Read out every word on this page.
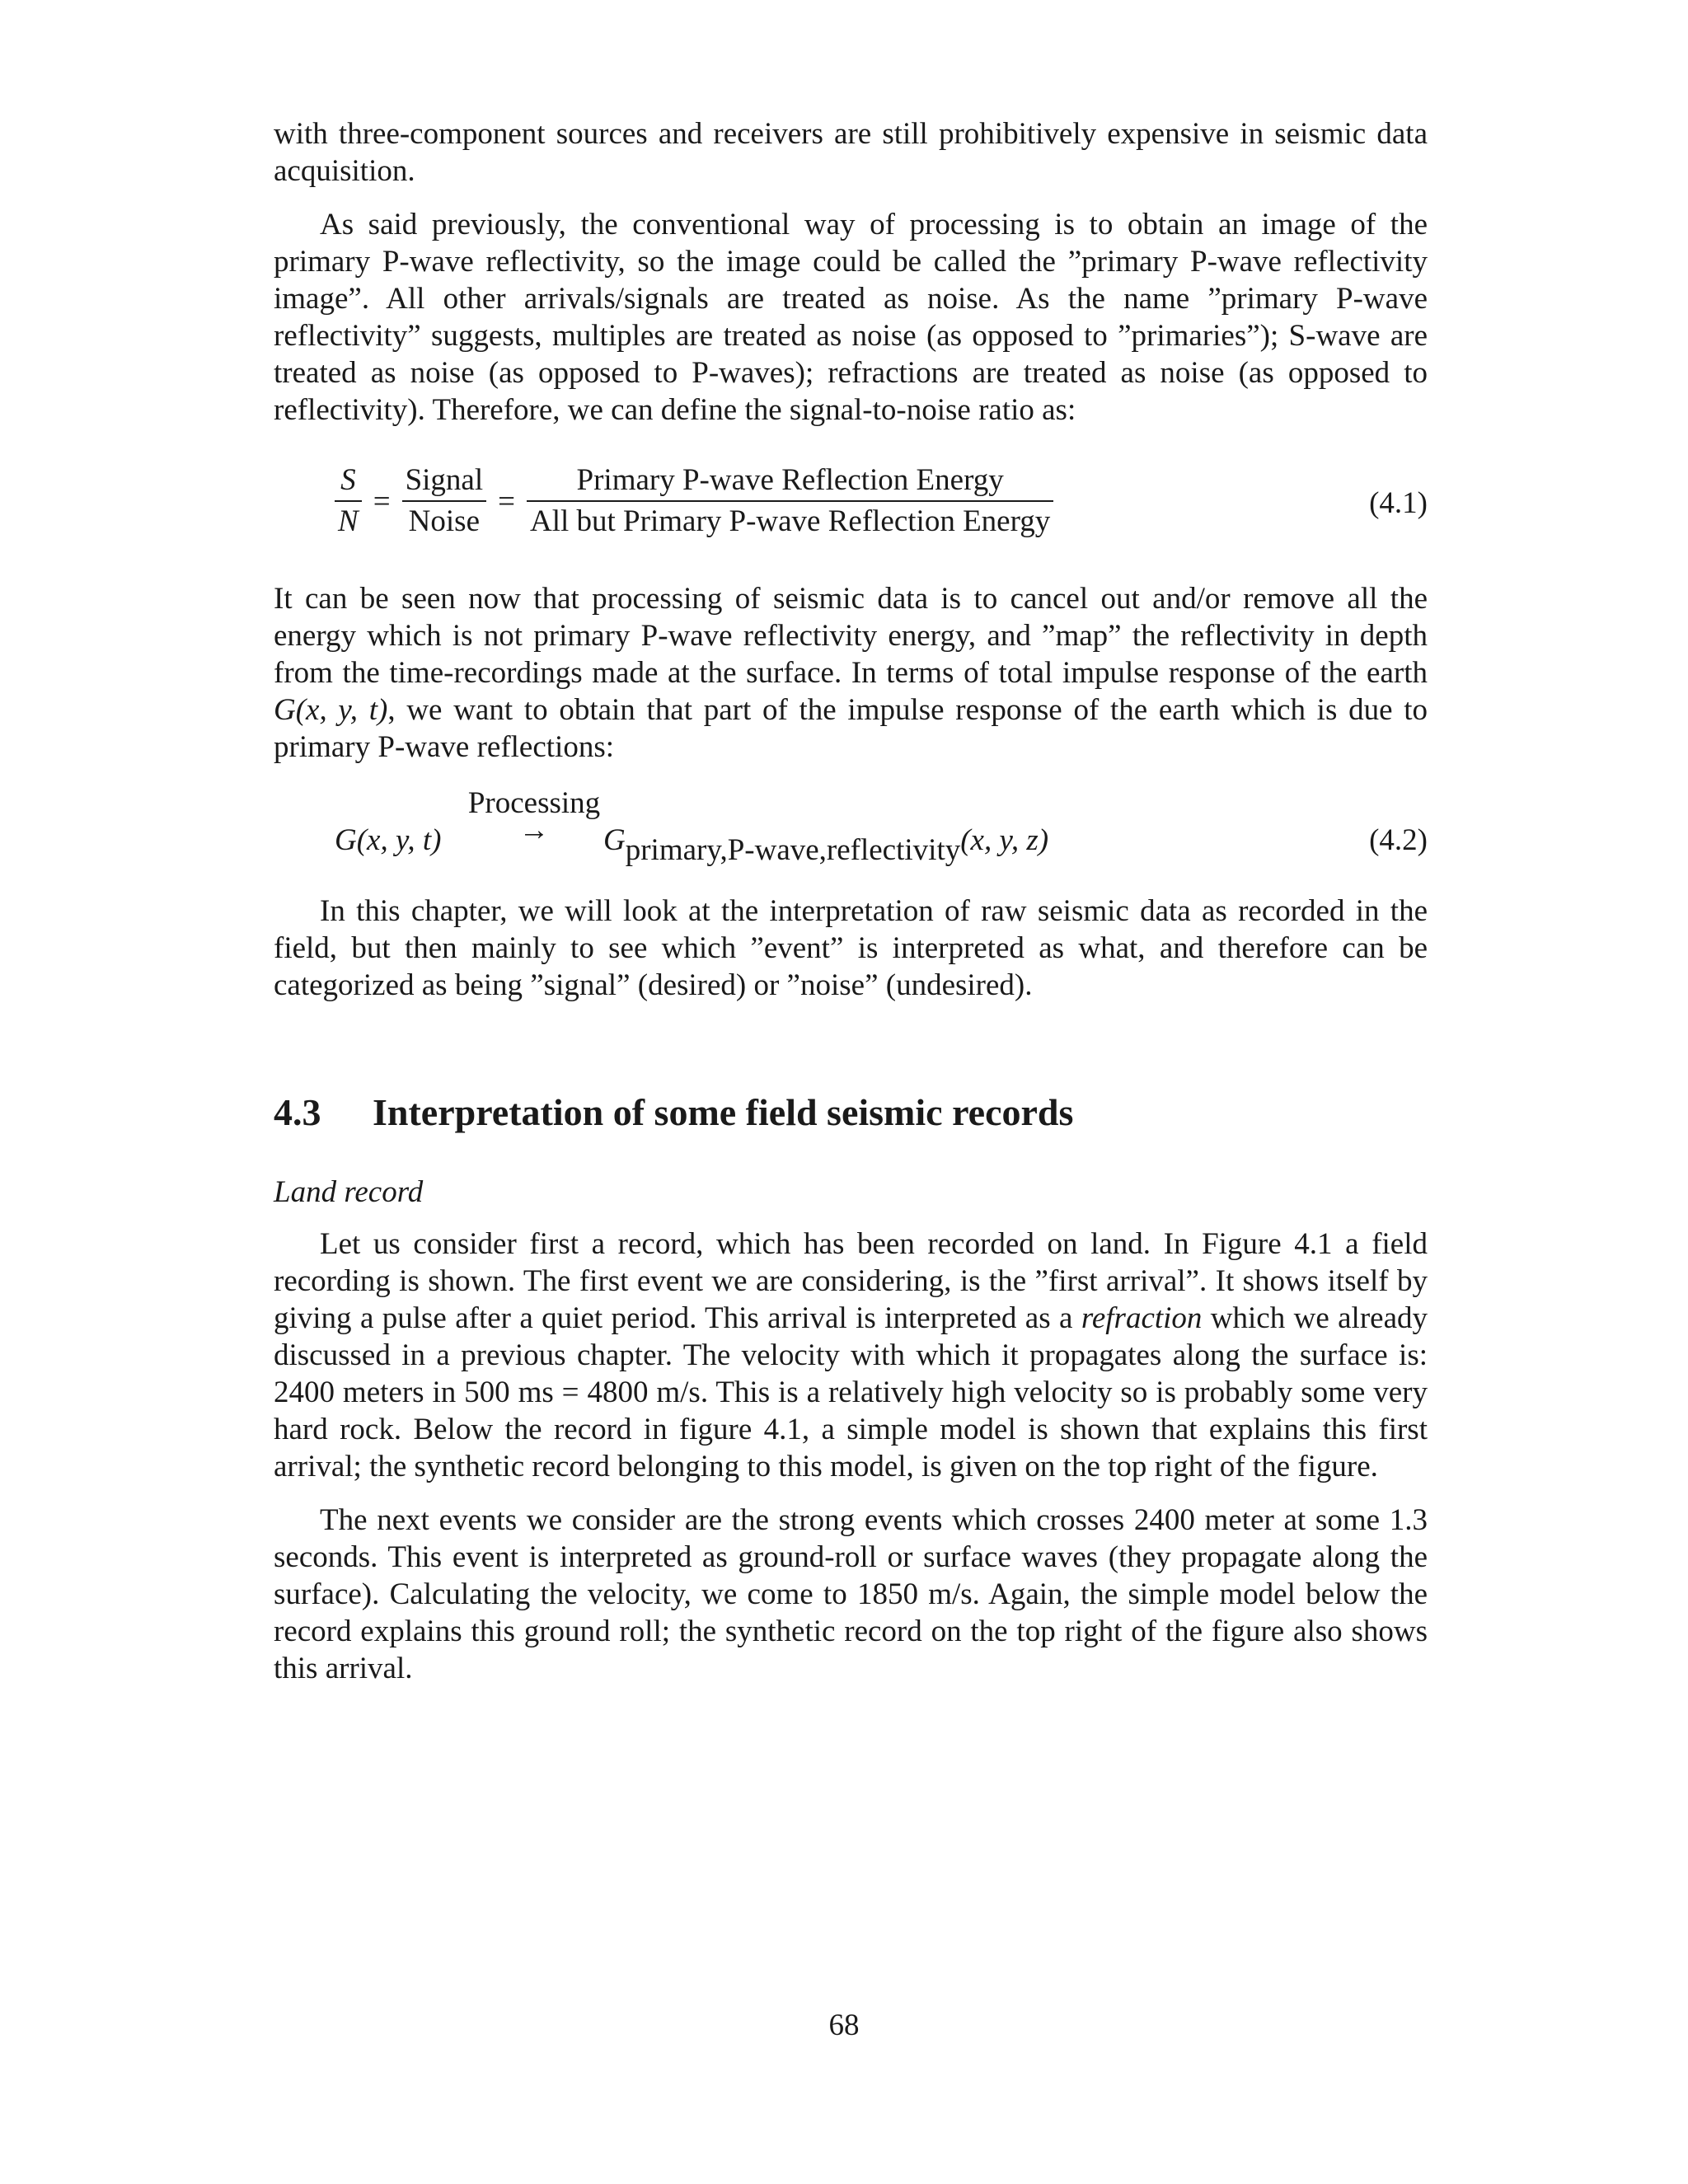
with three-component sources and receivers are still prohibitively expensive in seismic data acquisition.

As said previously, the conventional way of processing is to obtain an image of the primary P-wave reflectivity, so the image could be called the ”primary P-wave reflectivity image”. All other arrivals/signals are treated as noise. As the name ”primary P-wave reflectivity” suggests, multiples are treated as noise (as opposed to ”primaries”); S-wave are treated as noise (as opposed to P-waves); refractions are treated as noise (as opposed to reflectivity). Therefore, we can define the signal-to-noise ratio as:

$\frac{S}{N} = \frac{\text{Signal}}{\text{Noise}} = \frac{\text{Primary P-wave Reflection Energy}}{\text{All but Primary P-wave Reflection Energy}}$	(4.1)

It can be seen now that processing of seismic data is to cancel out and/or remove all the energy which is not primary P-wave reflectivity energy, and ”map” the reflectivity in depth from the time-recordings made at the surface. In terms of total impulse response of the earth G(x, y, t), we want to obtain that part of the impulse response of the earth which is due to primary P-wave reflections:

G(x, y, t)
Processing
→	$G_{primary,P-wave,reflectivity}(x$, y, z)	(4.2)

In this chapter, we will look at the interpretation of raw seismic data as recorded in the field, but then mainly to see which ”event” is interpreted as what, and therefore can be categorized as being ”signal” (desired) or ”noise” (undesired).

4.3 Interpretation of some field seismic records

Land record

Let us consider first a record, which has been recorded on land. In Figure 4.1 a field recording is shown. The first event we are considering, is the ”first arrival”. It shows itself by giving a pulse after a quiet period. This arrival is interpreted as a refraction which we already discussed in a previous chapter. The velocity with which it propagates along the surface is: 2400 meters in 500 ms = 4800 m/s. This is a relatively high velocity so is probably some very hard rock. Below the record in figure 4.1, a simple model is shown that explains this first arrival; the synthetic record belonging to this model, is given on the top right of the figure.

The next events we consider are the strong events which crosses 2400 meter at some 1.3 seconds. This event is interpreted as ground-roll or surface waves (they propagate along the surface). Calculating the velocity, we come to 1850 m/s. Again, the simple model below the record explains this ground roll; the synthetic record on the top right of the figure also shows this arrival.

68
